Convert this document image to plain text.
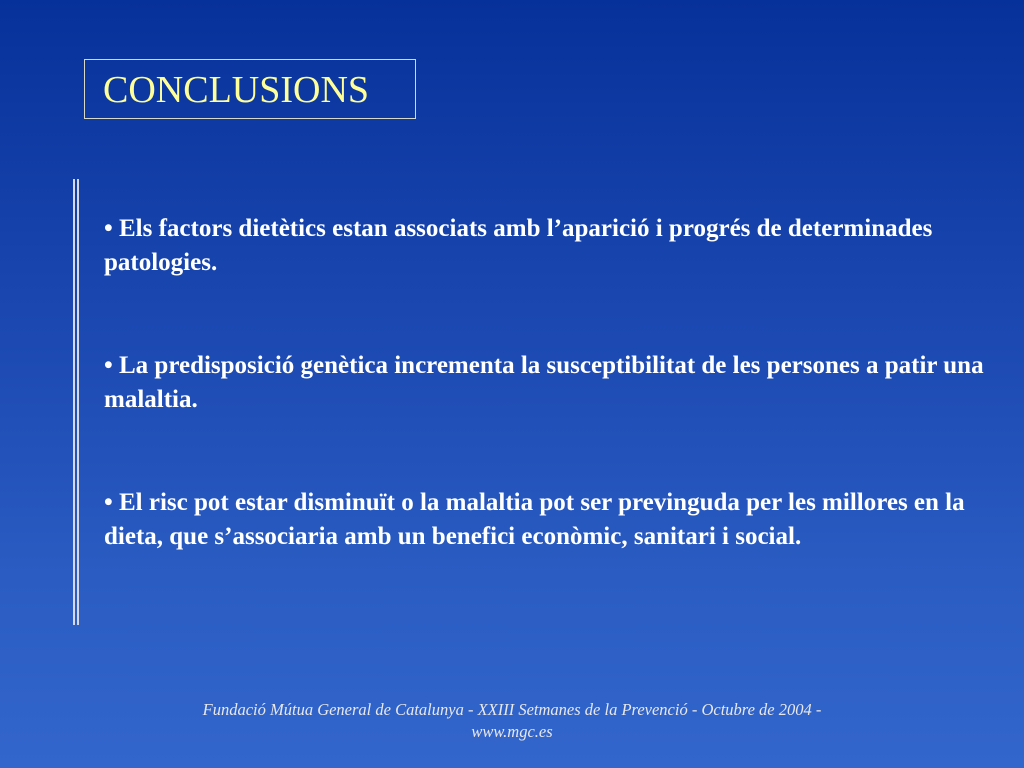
CONCLUSIONS
• Els factors dietètics estan associats amb l’aparició i progrés de determinades patologies.
• La predisposició genètica incrementa la susceptibilitat de les persones a patir una malaltia.
• El risc pot estar disminuït o la malaltia pot ser previnguda per les millores en la dieta, que s’associaria amb un benefici econòmic, sanitari i social.
Fundació Mútua General de Catalunya - XXIII Setmanes de la Prevenció - Octubre de 2004 -
www.mgc.es
